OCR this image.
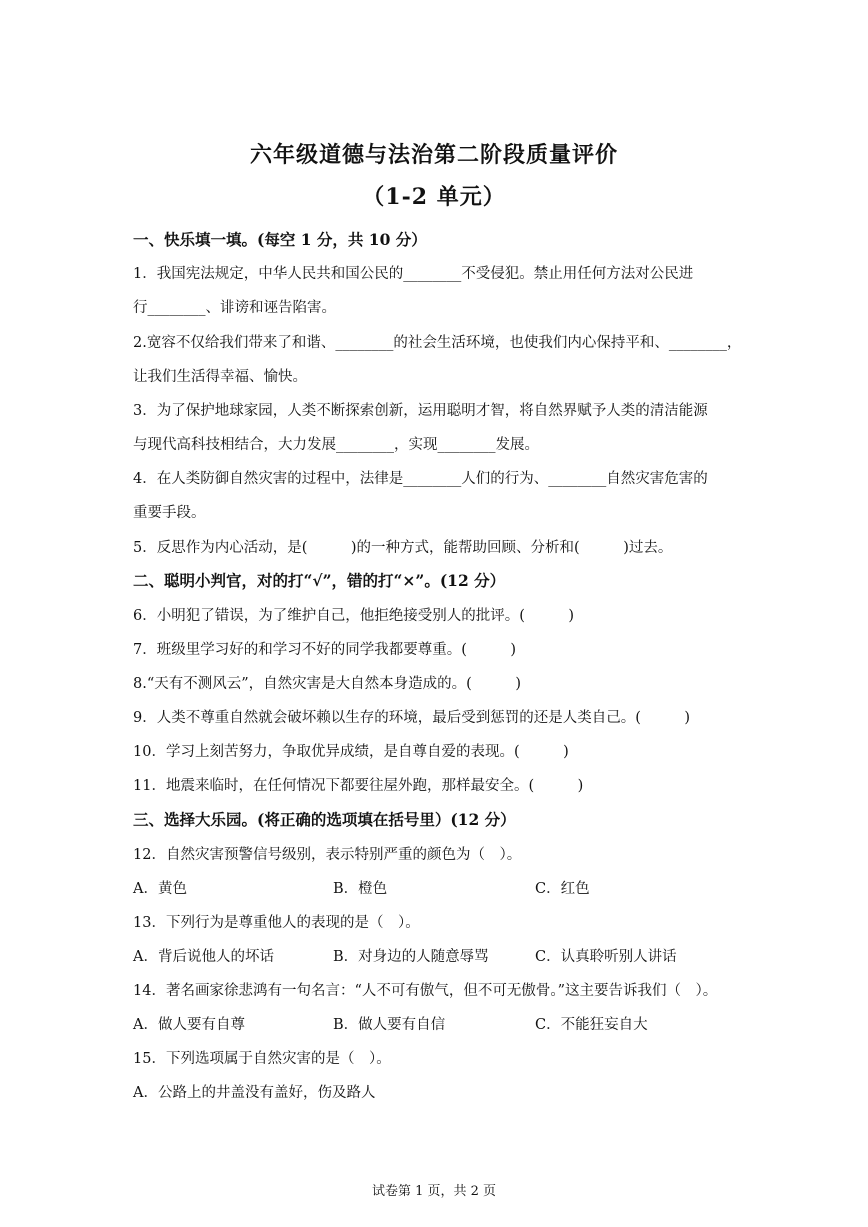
六年级道德与法治第二阶段质量评价
（1-2 单元）
一、快乐填一填。(每空 1 分，共 10 分）
1．我国宪法规定，中华人民共和国公民的________不受侵犯。禁止用任何方法对公民进
行________、诽谤和诬告陷害。
2.宽容不仅给我们带来了和谐、________的社会生活环境，也使我们内心保持平和、________，
让我们生活得幸福、愉快。
3．为了保护地球家园，人类不断探索创新，运用聪明才智，将自然界赋予人类的清洁能源
与现代高科技相结合，大力发展________，实现________发展。
4．在人类防御自然灾害的过程中，法律是________人们的行为、________自然灾害危害的
重要手段。
5．反思作为内心活动，是(　　　)的一种方式，能帮助回顾、分析和(　　　)过去。
二、聪明小判官，对的打“√”，错的打“×”。(12 分）
6．小明犯了错误，为了维护自己，他拒绝接受别人的批评。(　　　)
7．班级里学习好的和学习不好的同学我都要尊重。(　　　)
8.“天有不测风云”，自然灾害是大自然本身造成的。(　　　)
9．人类不尊重自然就会破坏赖以生存的环境，最后受到惩罚的还是人类自己。(　　　)
10．学习上刻苦努力，争取优异成绩，是自尊自爱的表现。(　　　)
11．地震来临时，在任何情况下都要往屋外跑，那样最安全。(　　　)
三、选择大乐园。(将正确的选项填在括号里）(12 分）
12．自然灾害预警信号级别，表示特别严重的颜色为（　）。
A．黄色	B．橙色	C．红色
13．下列行为是尊重他人的表现的是（　）。
A．背后说他人的坏话	B．对身边的人随意辱骂	C．认真聆听别人讲话
14．著名画家徐悲鸿有一句名言：“人不可有傲气，但不可无傲骨。”这主要告诉我们（　）。
A．做人要有自尊	B．做人要有自信	C．不能狂妄自大
15．下列选项属于自然灾害的是（　）。
A．公路上的井盖没有盖好，伤及路人
试卷第 1 页，共 2 页
